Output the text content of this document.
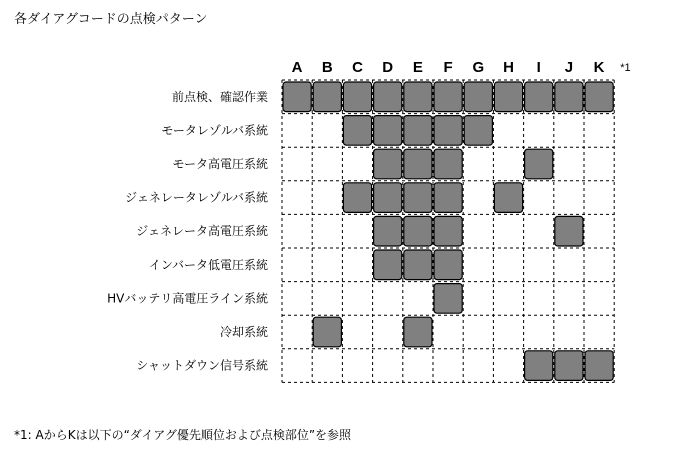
各ダイアグコードの点検パターン
A B C D E F G H I J K *1
前点検、確認作業
モータレゾルバ系統
モータ高電圧系統
ジェネレータレゾルバ系統
ジェネレータ高電圧系統
インバータ低電圧系統
HVバッテリ高電圧ライン系統
冷却系統
シャットダウン信号系統
*1: AからKは以下の“ダイアグ優先順位および点検部位”を参照
